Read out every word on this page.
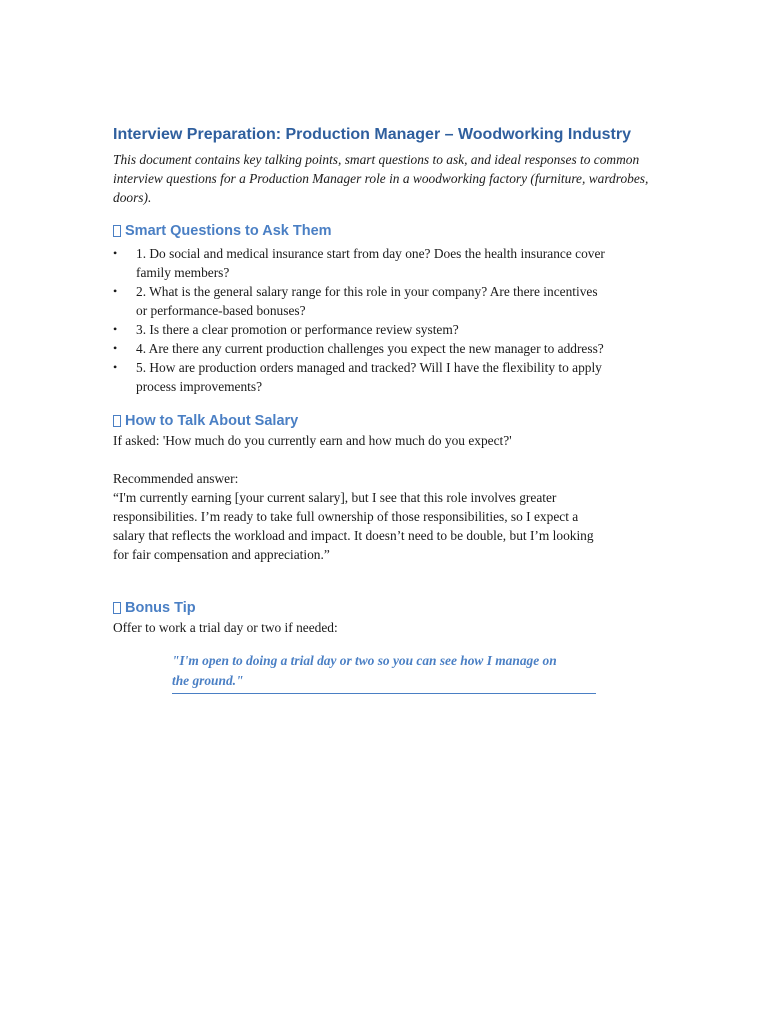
Interview Preparation: Production Manager – Woodworking Industry

This document contains key talking points, smart questions to ask, and ideal responses to common interview questions for a Production Manager role in a woodworking factory (furniture, wardrobes, doors).

Smart Questions to Ask Them
• 1. Do social and medical insurance start from day one? Does the health insurance cover
family members?
• 2. What is the general salary range for this role in your company? Are there incentives
or performance-based bonuses?
• 3. Is there a clear promotion or performance review system?
• 4. Are there any current production challenges you expect the new manager to address?
• 5. How are production orders managed and tracked? Will I have the flexibility to apply
process improvements?
How to Talk About Salary

If asked: 'How much do you currently earn and how much do you expect?'

Recommended answer:

“I'm currently earning [your current salary], but I see that this role involves greater
responsibilities. I’m ready to take full ownership of those responsibilities, so I expect a
salary that reflects the workload and impact. It doesn’t need to be double, but I’m looking
for fair compensation and appreciation.”

Bonus Tip

Offer to work a trial day or two if needed:

"I'm open to doing a trial day or two so you can see how I manage on
the ground."
